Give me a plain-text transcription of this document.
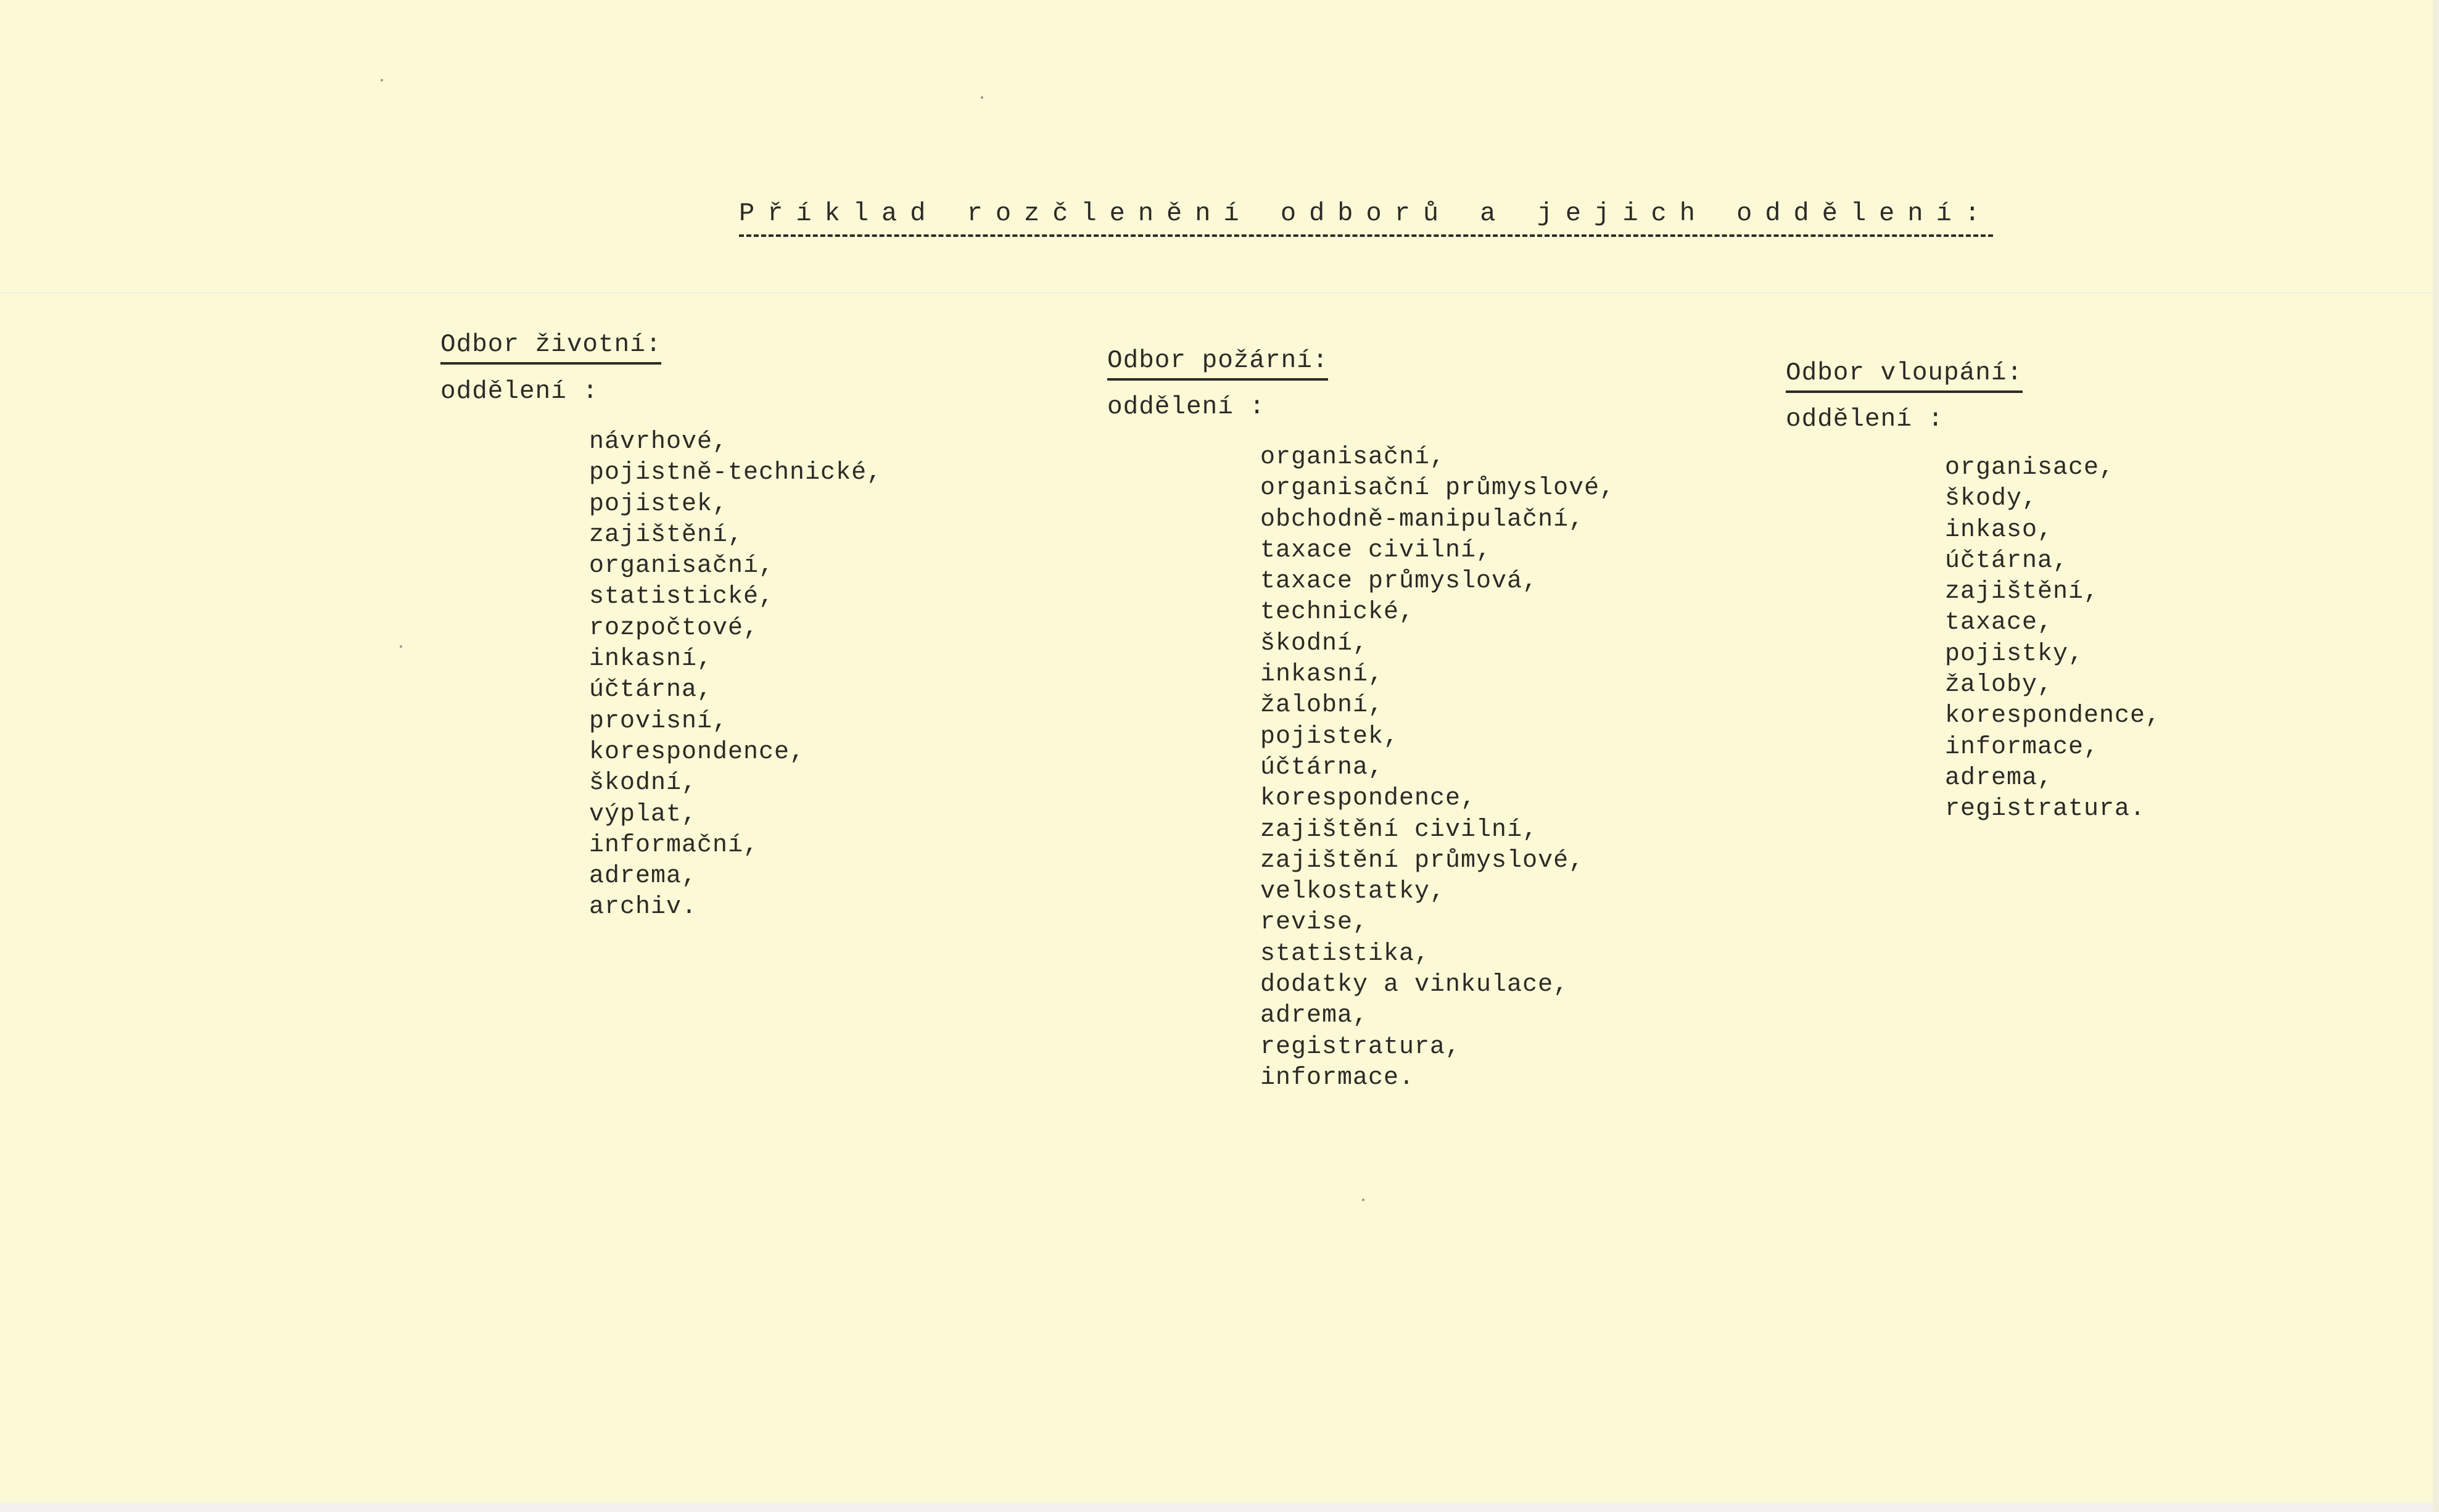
Příklad rozčlenění odborů a jejich oddělení:
Odbor životní:
oddělení :
návrhové,
pojistně-technické,
pojistek,
zajištění,
organisační,
statistické,
rozpočtové,
inkasní,
účtárna,
provisní,
korespondence,
škodní,
výplat,
informační,
adrema,
archiv.
Odbor požární:
oddělení :
organisační,
organisační průmyslové,
obchodně-manipulační,
taxace civilní,
taxace průmyslová,
technické,
škodní,
inkasní,
žalobní,
pojistek,
účtárna,
korespondence,
zajištění civilní,
zajištění průmyslové,
velkostatky,
revise,
statistika,
dodatky a vinkulace,
adrema,
registratura,
informace.
Odbor vloupání:
oddělení :
organisace,
škody,
inkaso,
účtárna,
zajištění,
taxace,
pojistky,
žaloby,
korespondence,
informace,
adrema,
registratura.
